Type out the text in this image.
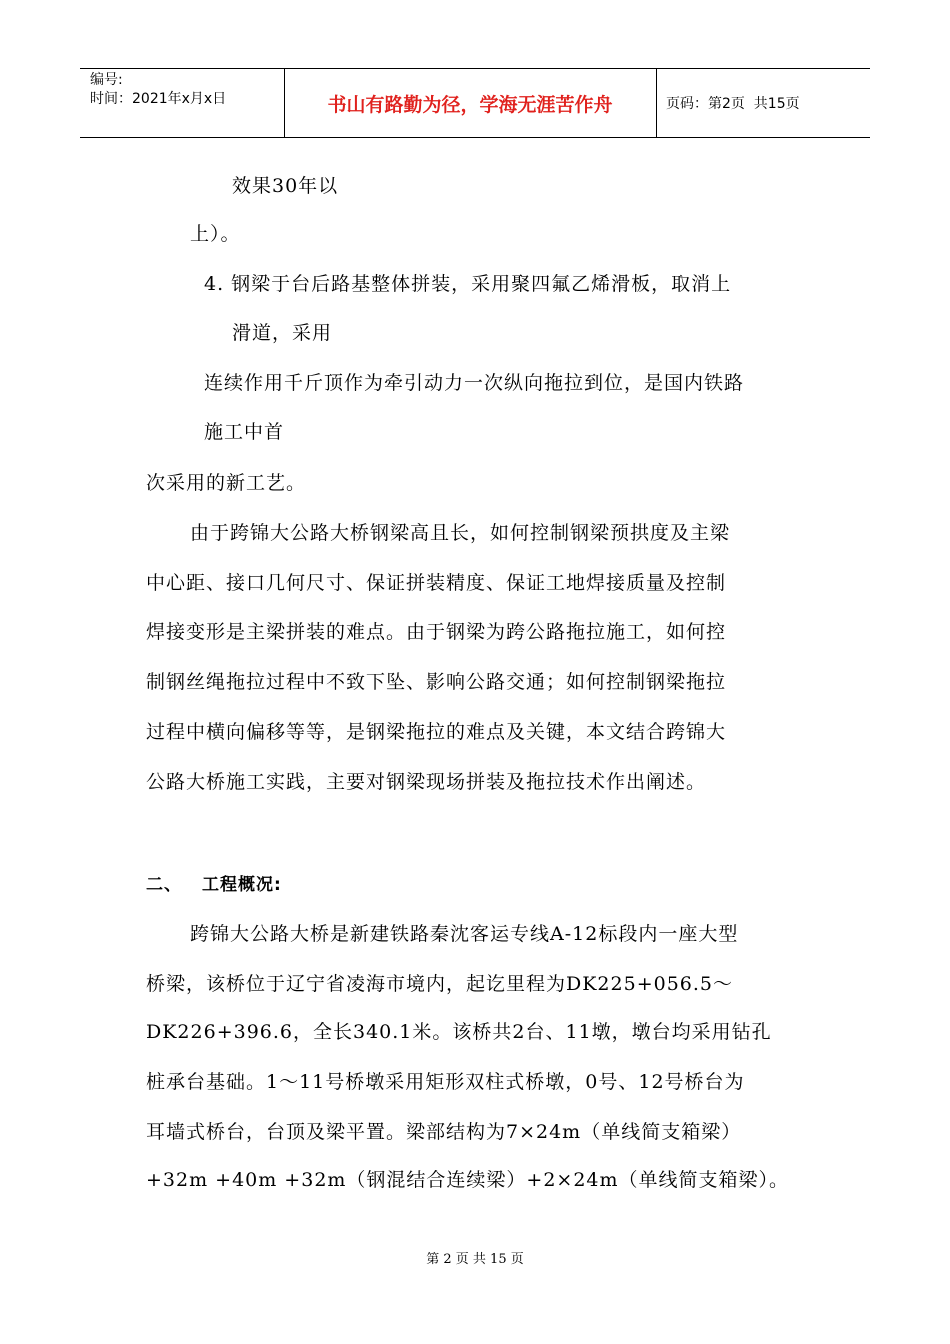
编号:
时间：2021年x月x日	书山有路勤为径，学海无涯苦作舟	页码：第2页  共15页
效果30年以
上）。
4. 钢梁于台后路基整体拼装，采用聚四氟乙烯滑板，取消上
滑道，采用
连续作用千斤顶作为牵引动力一次纵向拖拉到位，是国内铁路
施工中首
次采用的新工艺。
由于跨锦大公路大桥钢梁高且长，如何控制钢梁预拱度及主梁
中心距、接口几何尺寸、保证拼装精度、保证工地焊接质量及控制
焊接变形是主梁拼装的难点。由于钢梁为跨公路拖拉施工，如何控
制钢丝绳拖拉过程中不致下坠、影响公路交通；如何控制钢梁拖拉
过程中横向偏移等等，是钢梁拖拉的难点及关键，本文结合跨锦大
公路大桥施工实践，主要对钢梁现场拼装及拖拉技术作出阐述。
二、 工程概况:
跨锦大公路大桥是新建铁路秦沈客运专线A-12标段内一座大型
桥梁，该桥位于辽宁省凌海市境内，起讫里程为DK225+056.5～
DK226+396.6，全长340.1米。该桥共2台、11墩，墩台均采用钻孔
桩承台基础。1～11号桥墩采用矩形双柱式桥墩，0号、12号桥台为
耳墙式桥台，台顶及梁平置。梁部结构为7×24m（单线简支箱梁）
+32m +40m +32m（钢混结合连续梁）+2×24m（单线简支箱梁）。
第 2 页 共 15 页
